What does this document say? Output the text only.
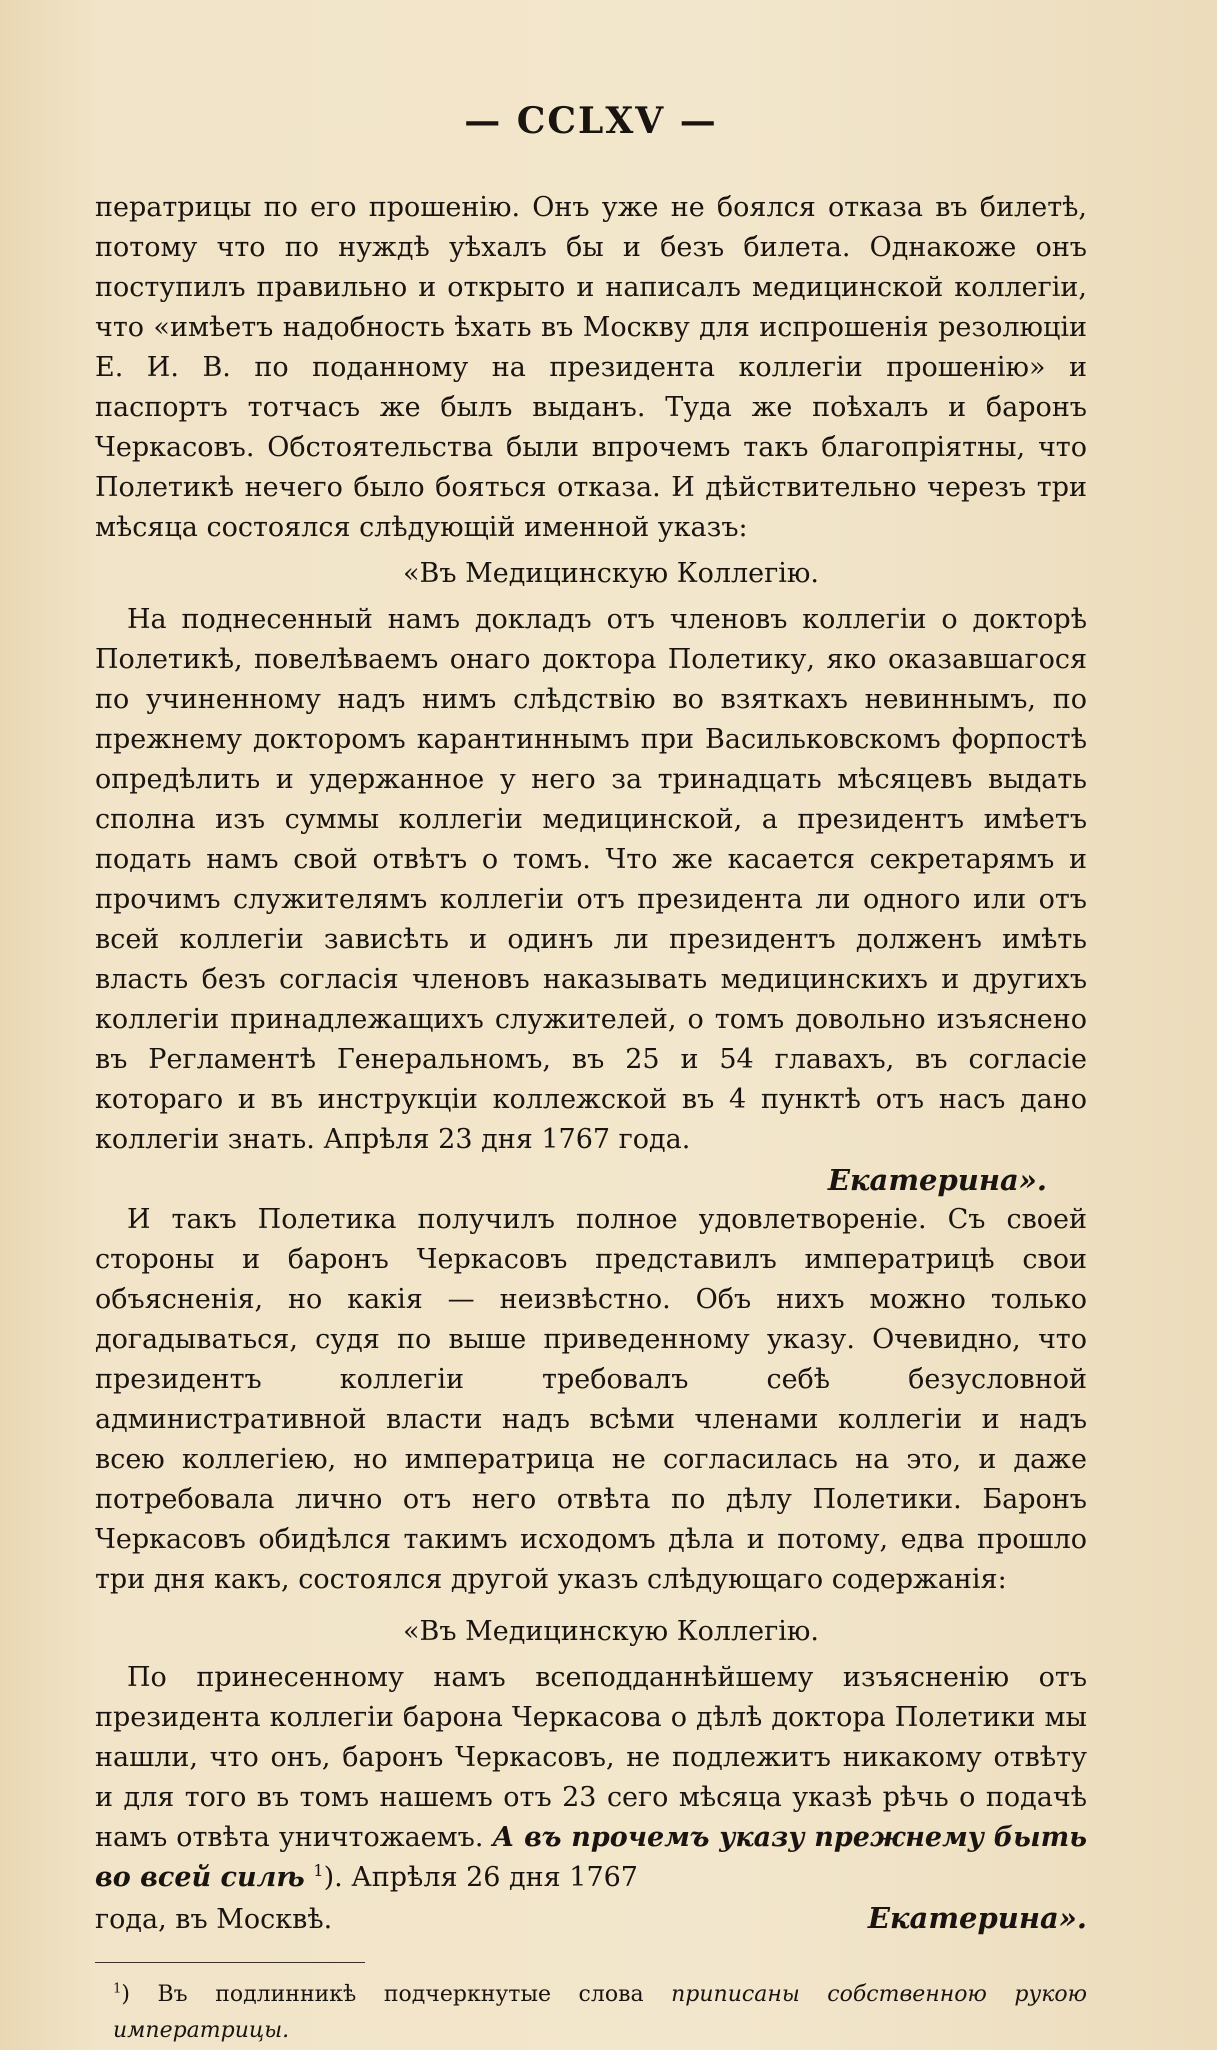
— CCLXV —

ператрицы по его прошенію. Онъ уже не боялся отказа въ билетѣ, потому что по нуждѣ уѣхалъ бы и безъ билета. Однакоже онъ поступилъ правильно и открыто и написалъ медицинской коллегіи, что «имѣетъ надобность ѣхать въ Москву для испрошенія резолюціи Е. И. В. по поданному на президента коллегіи прошенію» и паспортъ тотчасъ же былъ выданъ. Туда же поѣхалъ и баронъ Черкасовъ. Обстоятельства были впрочемъ такъ благопріятны, что Полетикѣ нечего было бояться отказа. И дѣйствительно черезъ три мѣсяца состоялся слѣдующій именной указъ:

«Въ Медицинскую Коллегію.

На поднесенный намъ докладъ отъ членовъ коллегіи о докторѣ Полетикѣ, повелѣваемъ онаго доктора Полетику, яко оказавшагося по учиненному надъ нимъ слѣдствію во взяткахъ невиннымъ, по прежнему докторомъ карантиннымъ при Васильковскомъ форпостѣ опредѣлить и удержанное у него за тринадцать мѣсяцевъ выдать сполна изъ суммы коллегіи медицинской, а президентъ имѣетъ подать намъ свой отвѣтъ о томъ. Что же касается секретарямъ и прочимъ служителямъ коллегіи отъ президента ли одного или отъ всей коллегіи зависѣть и одинъ ли президентъ долженъ имѣть власть безъ согласія членовъ наказывать медицинскихъ и другихъ коллегіи принадлежащихъ служителей, о томъ довольно изъяснено въ Регламентѣ Генеральномъ, въ 25 и 54 главахъ, въ согласіе котораго и въ инструкціи коллежской въ 4 пунктѣ отъ насъ дано коллегіи знать. Апрѣля 23 дня 1767 года.

Екатерина».

И такъ Полетика получилъ полное удовлетвореніе. Съ своей стороны и баронъ Черкасовъ представилъ императрицѣ свои объясненія, но какія — неизвѣстно. Объ нихъ можно только догадываться, судя по выше приведенному указу. Очевидно, что президентъ коллегіи требовалъ себѣ безусловной административной власти надъ всѣми членами коллегіи и надъ всею коллегіею, но императрица не согласилась на это, и даже потребовала лично отъ него отвѣта по дѣлу Полетики. Баронъ Черкасовъ обидѣлся такимъ исходомъ дѣла и потому, едва прошло три дня какъ, состоялся другой указъ слѣдующаго содержанія:

«Въ Медицинскую Коллегію.

По принесенному намъ всеподданнѣйшему изъясненію отъ президента коллегіи барона Черкасова о дѣлѣ доктора Полетики мы нашли, что онъ, баронъ Черкасовъ, не подлежитъ никакому отвѣту и для того въ томъ нашемъ отъ 23 сего мѣсяца указѣ рѣчь о подачѣ намъ отвѣта уничтожаемъ. А въ прочемъ указу прежнему быть во всей силѣ $^1$). Апрѣля 26 дня 1767

года, въ Москвѣ.	Екатерина».
$^1$) Въ подлинникѣ подчеркнутые слова приписаны собственною рукою императрицы.
